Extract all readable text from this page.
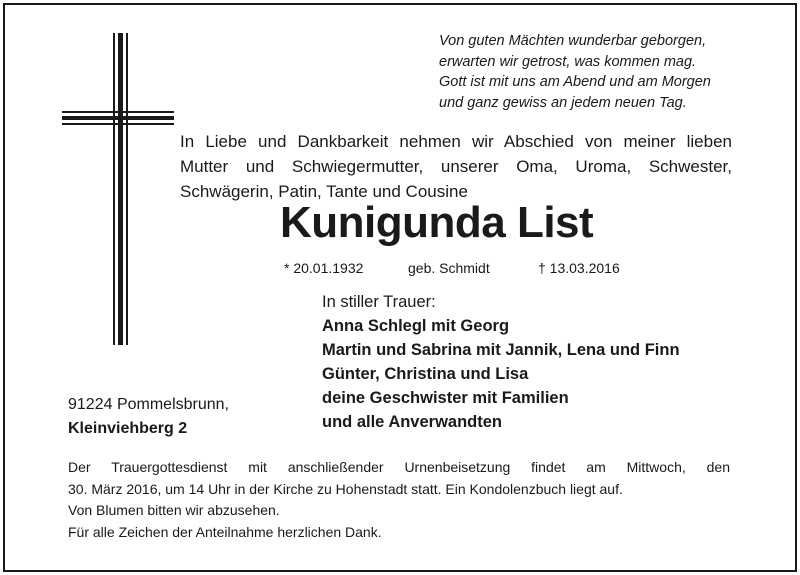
Von guten Mächten wunderbar geborgen,
erwarten wir getrost, was kommen mag.
Gott ist mit uns am Abend und am Morgen
und ganz gewiss an jedem neuen Tag.
In Liebe und Dankbarkeit nehmen wir Abschied von meiner lieben
Mutter und Schwiegermutter, unserer Oma, Uroma, Schwester,
Schwägerin, Patin, Tante und Cousine
Kunigunda List
* 20.01.1932	geb. Schmidt	† 13.03.2016
In stiller Trauer:
Anna Schlegl mit Georg
Martin und Sabrina mit Jannik, Lena und Finn
Günter, Christina und Lisa
deine Geschwister mit Familien
und alle Anverwandten
91224 Pommelsbrunn,
Kleinviehberg 2
Der Trauergottesdienst mit anschließender Urnenbeisetzung findet am Mittwoch, den
30. März 2016, um 14 Uhr in der Kirche zu Hohenstadt statt. Ein Kondolenzbuch liegt auf.
Von Blumen bitten wir abzusehen.
Für alle Zeichen der Anteilnahme herzlichen Dank.
